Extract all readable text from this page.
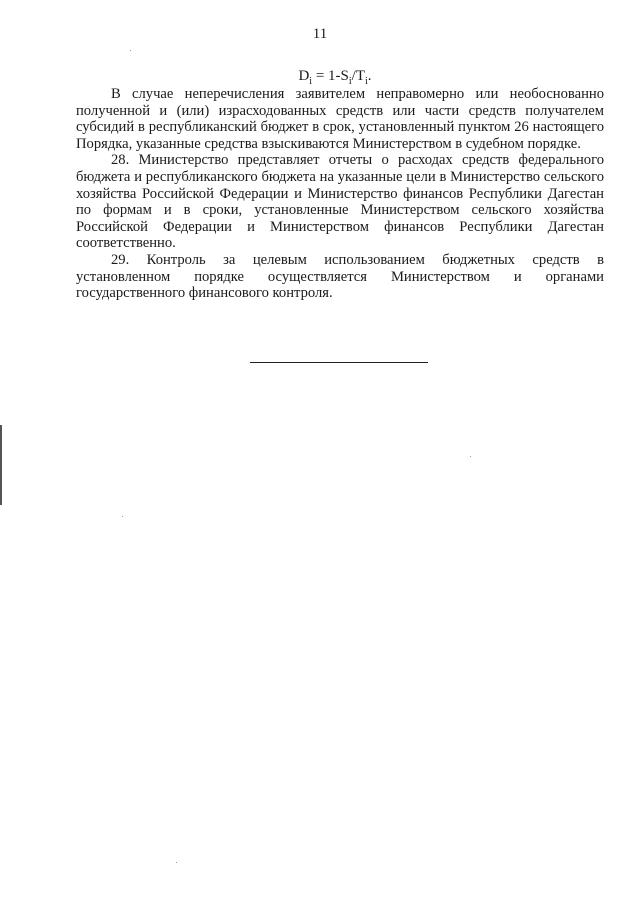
11
$D_i = 1-S_i/T_i$.

В случае неперечисления заявителем неправомерно или необоснованно полученной и (или) израсходованных средств или части средств получателем субсидий в республиканский бюджет в срок, установленный пунктом 26 настоящего Порядка, указанные средства взыскиваются Министерством в судебном порядке.

28. Министерство представляет отчеты о расходах средств федерального бюджета и республиканского бюджета на указанные цели в Министерство сельского хозяйства Российской Федерации и Министерство финансов Республики Дагестан по формам и в сроки, установленные Министерством сельского хозяйства Российской Федерации и Министерством финансов Республики Дагестан соответственно.

29. Контроль за целевым использованием бюджетных средств в установленном порядке осуществляется Министерством и органами государственного финансового контроля.
